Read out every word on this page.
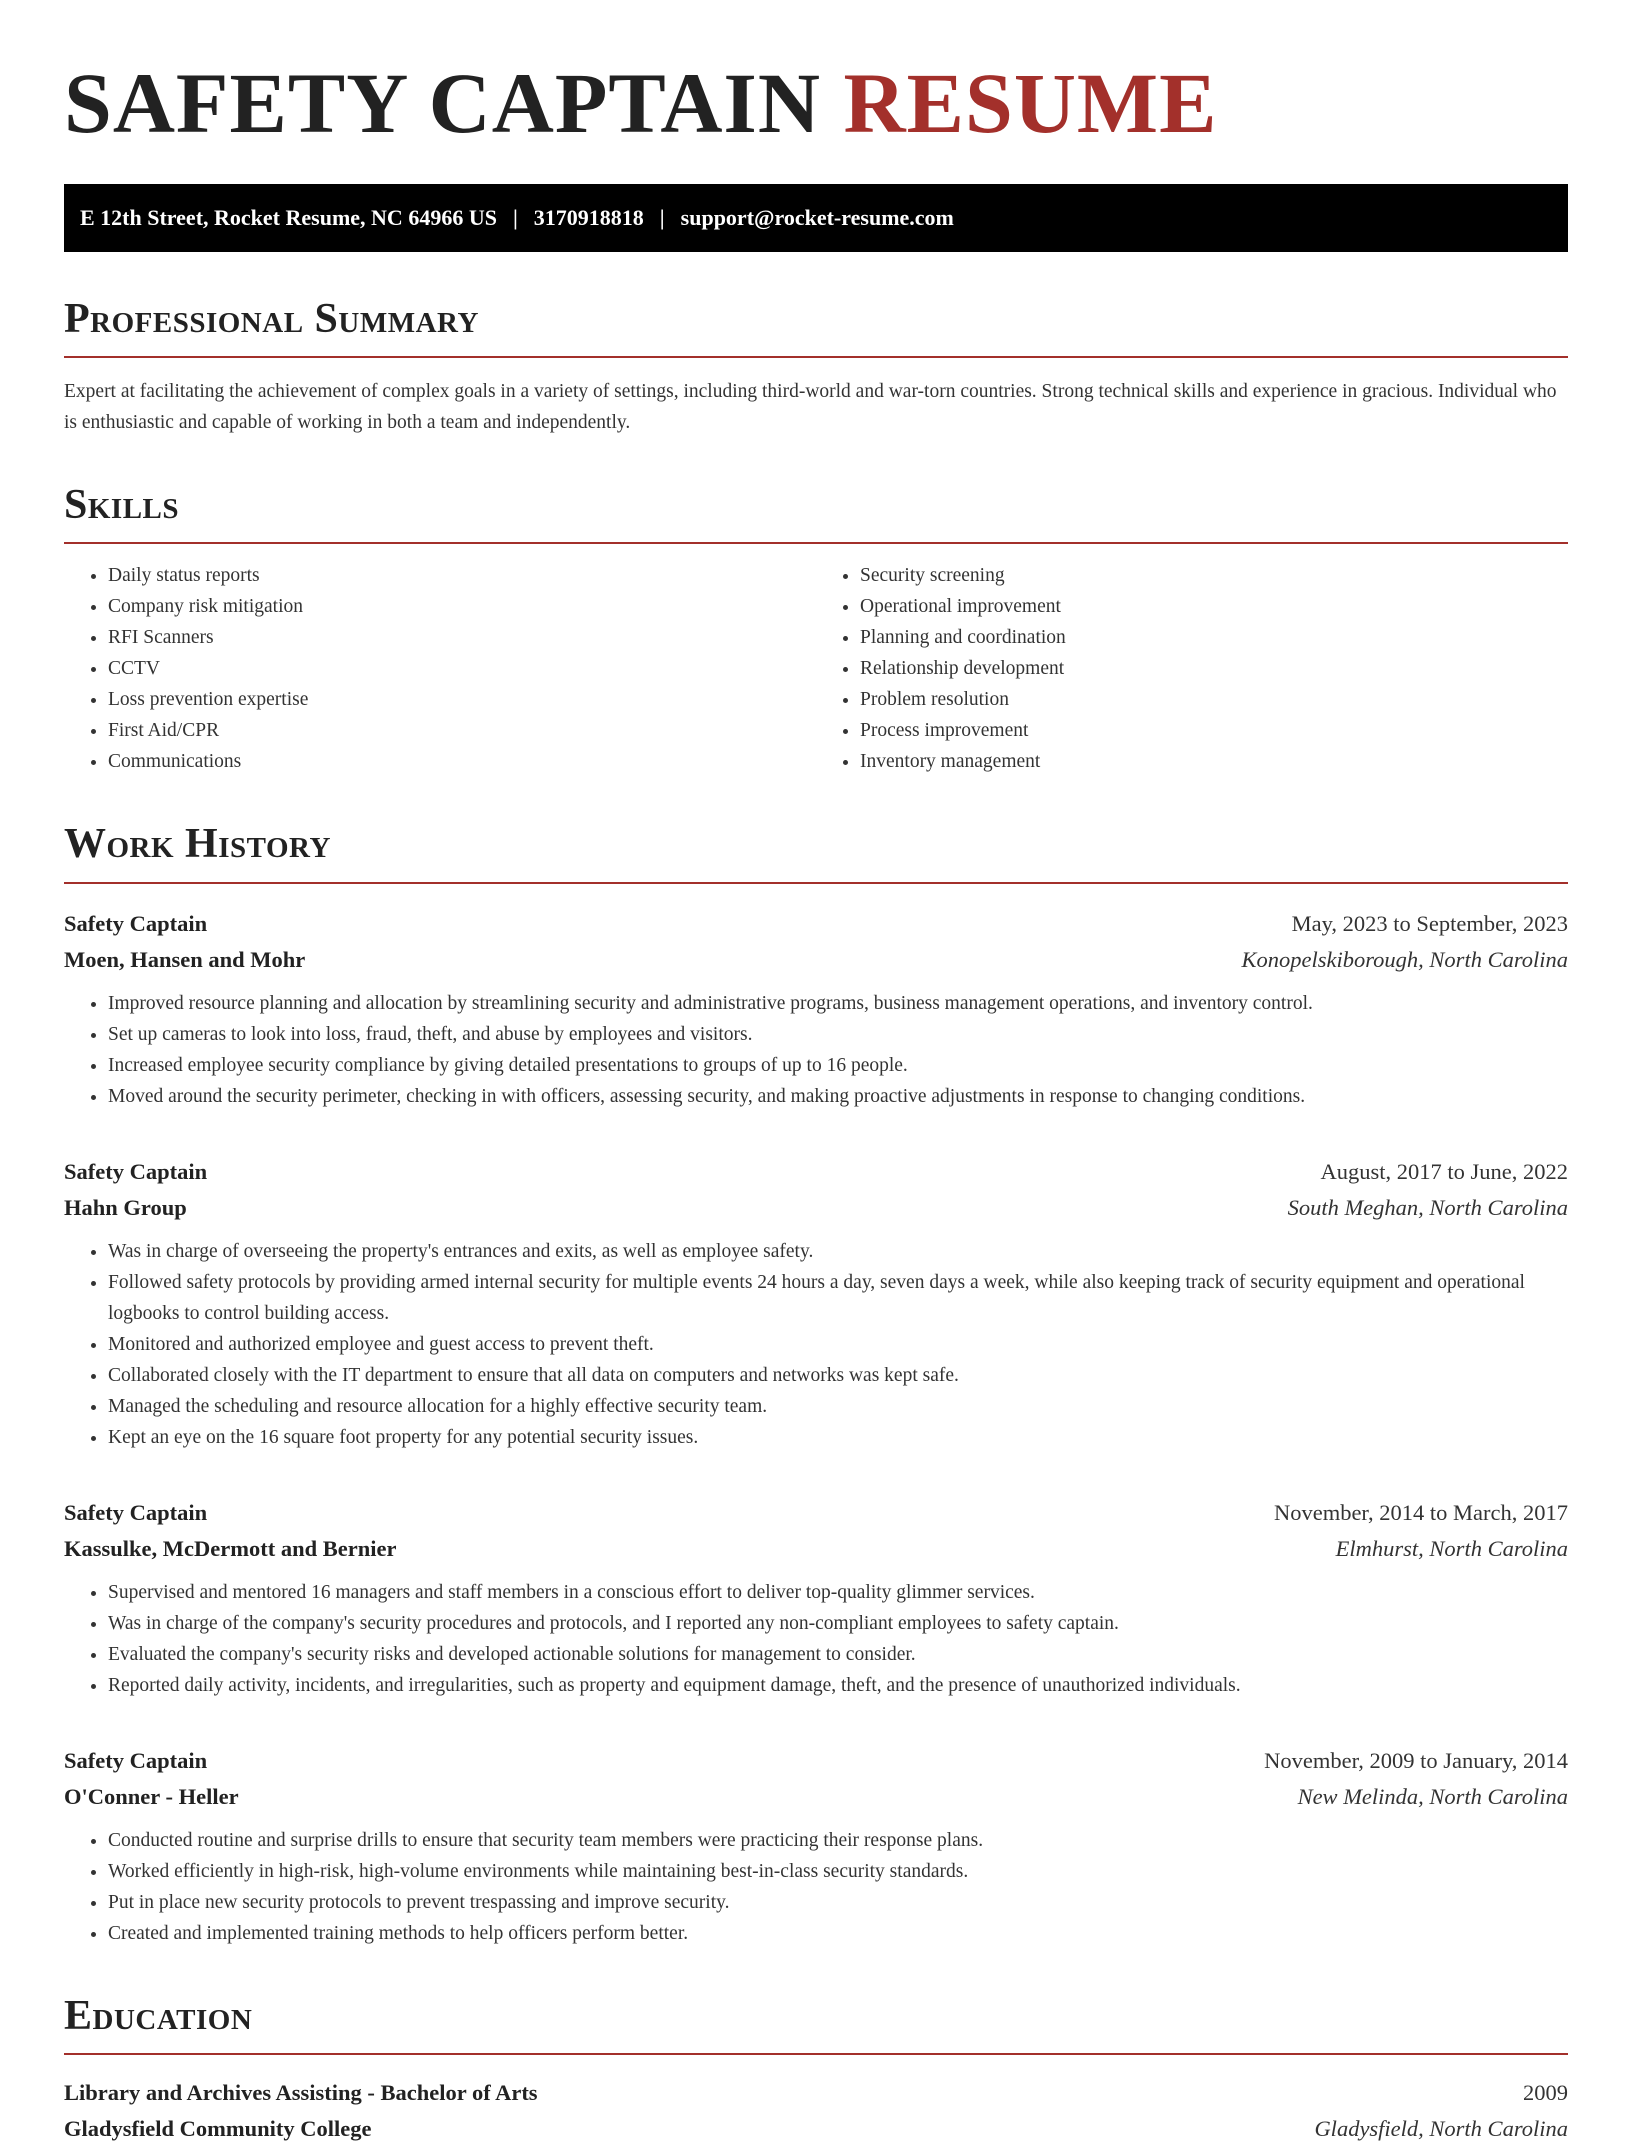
SAFETY CAPTAIN RESUME
E 12th Street, Rocket Resume, NC 64966 US | 3170918818 | support@rocket-resume.com
Professional Summary

Expert at facilitating the achievement of complex goals in a variety of settings, including third-world and war-torn countries. Strong technical skills and experience in gracious. Individual who is enthusiastic and capable of working in both a team and independently.

Skills
• Daily status reports
• Company risk mitigation
• RFI Scanners
• CCTV
• Loss prevention expertise
• First Aid/CPR
• Communications
• Security screening
• Operational improvement
• Planning and coordination
• Relationship development
• Problem resolution
• Process improvement
• Inventory management
Work History
Safety Captain	May, 2023 to September, 2023
Moen, Hansen and Mohr	Konopelskiborough, North Carolina
• Improved resource planning and allocation by streamlining security and administrative programs, business management operations, and inventory control.
• Set up cameras to look into loss, fraud, theft, and abuse by employees and visitors.
• Increased employee security compliance by giving detailed presentations to groups of up to 16 people.
• Moved around the security perimeter, checking in with officers, assessing security, and making proactive adjustments in response to changing conditions.
Safety Captain	August, 2017 to June, 2022
Hahn Group	South Meghan, North Carolina
• Was in charge of overseeing the property's entrances and exits, as well as employee safety.
• Followed safety protocols by providing armed internal security for multiple events 24 hours a day, seven days a week, while also keeping track of security equipment and operational logbooks to control building access.
• Monitored and authorized employee and guest access to prevent theft.
• Collaborated closely with the IT department to ensure that all data on computers and networks was kept safe.
• Managed the scheduling and resource allocation for a highly effective security team.
• Kept an eye on the 16 square foot property for any potential security issues.
Safety Captain	November, 2014 to March, 2017
Kassulke, McDermott and Bernier	Elmhurst, North Carolina
• Supervised and mentored 16 managers and staff members in a conscious effort to deliver top-quality glimmer services.
• Was in charge of the company's security procedures and protocols, and I reported any non-compliant employees to safety captain.
• Evaluated the company's security risks and developed actionable solutions for management to consider.
• Reported daily activity, incidents, and irregularities, such as property and equipment damage, theft, and the presence of unauthorized individuals.
Safety Captain	November, 2009 to January, 2014
O'Conner - Heller	New Melinda, North Carolina
• Conducted routine and surprise drills to ensure that security team members were practicing their response plans.
• Worked efficiently in high-risk, high-volume environments while maintaining best-in-class security standards.
• Put in place new security protocols to prevent trespassing and improve security.
• Created and implemented training methods to help officers perform better.
Education
Library and Archives Assisting - Bachelor of Arts	2009
Gladysfield Community College	Gladysfield, North Carolina
